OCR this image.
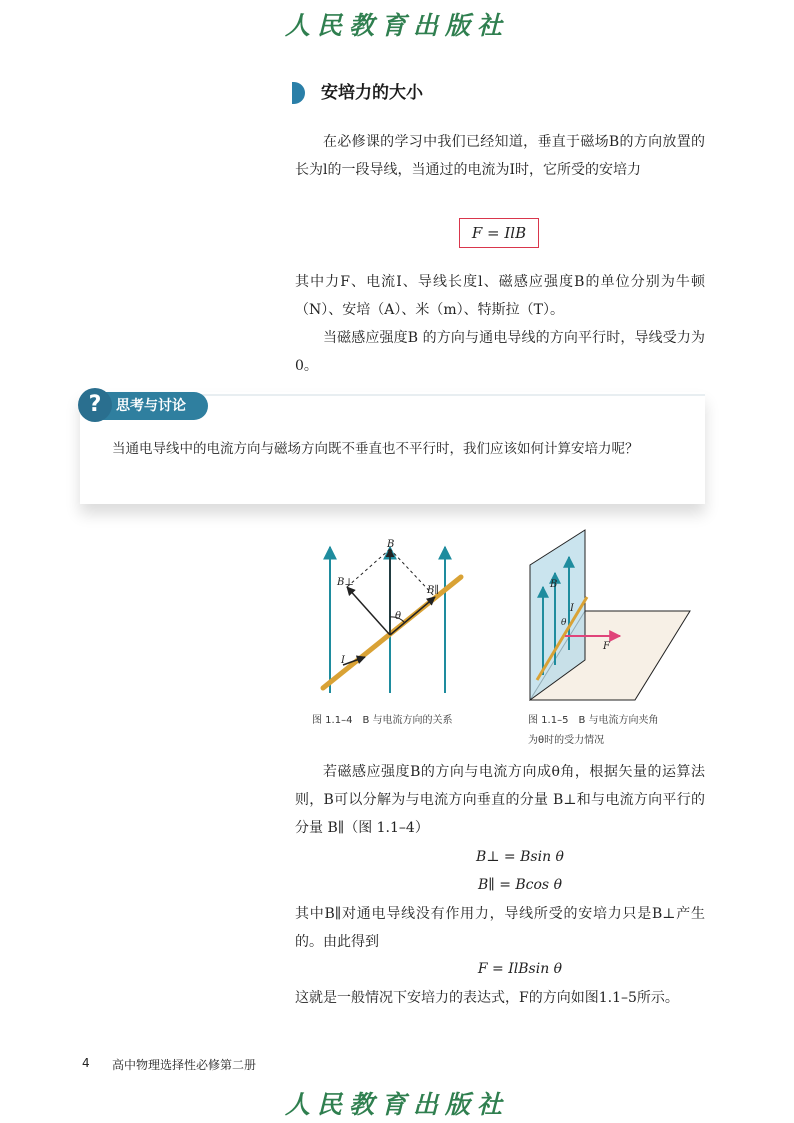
人民教育出版社
安培力的大小

在必修课的学习中我们已经知道，垂直于磁场B的方向放置的长为l的一段导线，当通过的电流为I时，它所受的安培力

F = IlB

其中力F、电流I、导线长度l、磁感应强度B的单位分别为牛顿（N）、安培（A）、米（m）、特斯拉（T）。

当磁感应强度B 的方向与通电导线的方向平行时，导线受力为 0。

?	思考与讨论

当通电导线中的电流方向与磁场方向既不垂直也不平行时，我们应该如何计算安培力呢？

B
B⊥
B∥
θ
I
图 1.1–4　B 与电流方向的关系
B
I
θ
F
图 1.1–5　B 与电流方向夹角
为θ时的受力情况

若磁感应强度B的方向与电流方向成θ角，根据矢量的运算法则，B可以分解为与电流方向垂直的分量 B⊥和与电流方向平行的分量 B∥（图 1.1–4）

B⊥ = Bsin θ
B∥ = Bcos θ

其中B∥对通电导线没有作用力，导线所受的安培力只是B⊥产生的。由此得到

F = IlBsin θ

这就是一般情况下安培力的表达式，F的方向如图1.1–5所示。

4 高中物理选择性必修第二册
人民教育出版社
